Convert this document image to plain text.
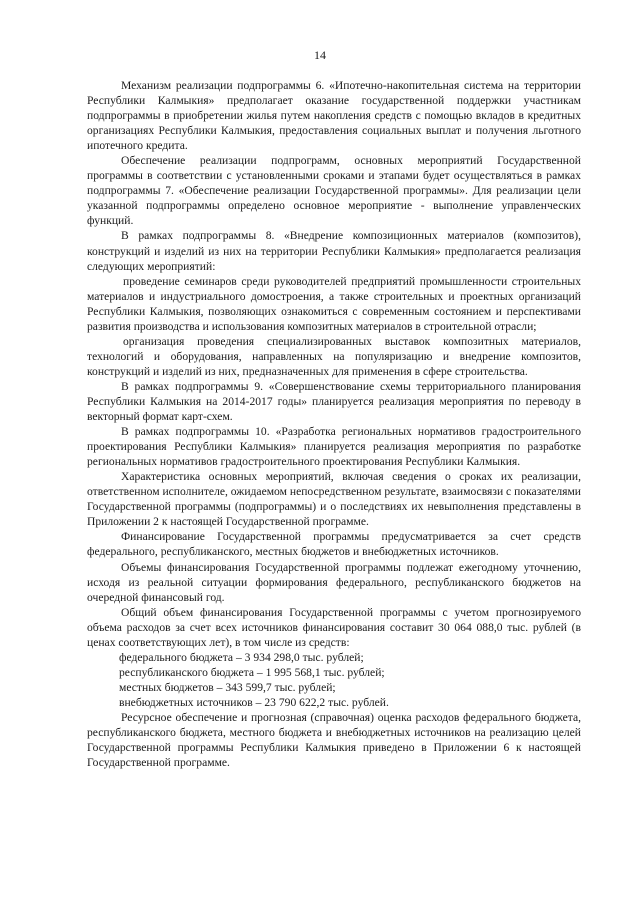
14

Механизм реализации подпрограммы 6. «Ипотечно-накопительная система на территории Республики Калмыкия» предполагает оказание государственной поддержки участникам подпрограммы в приобретении жилья путем накопления средств с помощью вкладов в кредитных организациях Республики Калмыкия, предоставления социальных выплат и получения льготного ипотечного кредита.

Обеспечение реализации подпрограмм, основных мероприятий Государственной программы в соответствии с установленными сроками и этапами будет осуществляться в рамках подпрограммы 7. «Обеспечение реализации Государственной программы». Для реализации цели указанной подпрограммы определено основное мероприятие - выполнение управленческих функций.

В рамках подпрограммы 8. «Внедрение композиционных материалов (композитов), конструкций и изделий из них на территории Республики Калмыкия» предполагается реализация следующих мероприятий:

проведение семинаров среди руководителей предприятий промышленности строительных материалов и индустриального домостроения, а также строительных и проектных организаций Республики Калмыкия, позволяющих ознакомиться с современным состоянием и перспективами развития производства и использования композитных материалов в строительной отрасли;

организация проведения специализированных выставок композитных материалов, технологий и оборудования, направленных на популяризацию и внедрение композитов, конструкций и изделий из них, предназначенных для применения в сфере строительства.

В рамках подпрограммы 9. «Совершенствование схемы территориального планирования Республики Калмыкия на 2014-2017 годы» планируется реализация мероприятия по переводу в векторный формат карт-схем.

В рамках подпрограммы 10. «Разработка региональных нормативов градостроительного проектирования Республики Калмыкия» планируется реализация мероприятия по разработке региональных нормативов градостроительного проектирования Республики Калмыкия.

Характеристика основных мероприятий, включая сведения о сроках их реализации, ответственном исполнителе, ожидаемом непосредственном результате, взаимосвязи с показателями Государственной программы (подпрограммы) и о последствиях их невыполнения представлены в Приложении 2 к настоящей Государственной программе.

Финансирование Государственной программы предусматривается за счет средств федерального, республиканского, местных бюджетов и внебюджетных источников.

Объемы финансирования Государственной программы подлежат ежегодному уточнению, исходя из реальной ситуации формирования федерального, республиканского бюджетов на очередной финансовый год.

Общий объем финансирования Государственной программы с учетом прогнозируемого объема расходов за счет всех источников финансирования составит 30 064 088,0 тыс. рублей (в ценах соответствующих лет), в том числе из средств:

федерального бюджета – 3 934 298,0 тыс. рублей;

республиканского бюджета – 1 995 568,1 тыс. рублей;

местных бюджетов – 343 599,7 тыс. рублей;

внебюджетных источников – 23 790 622,2 тыс. рублей.

Ресурсное обеспечение и прогнозная (справочная) оценка расходов федерального бюджета, республиканского бюджета, местного бюджета и внебюджетных источников на реализацию целей Государственной программы Республики Калмыкия приведено в Приложении 6 к настоящей Государственной программе.
